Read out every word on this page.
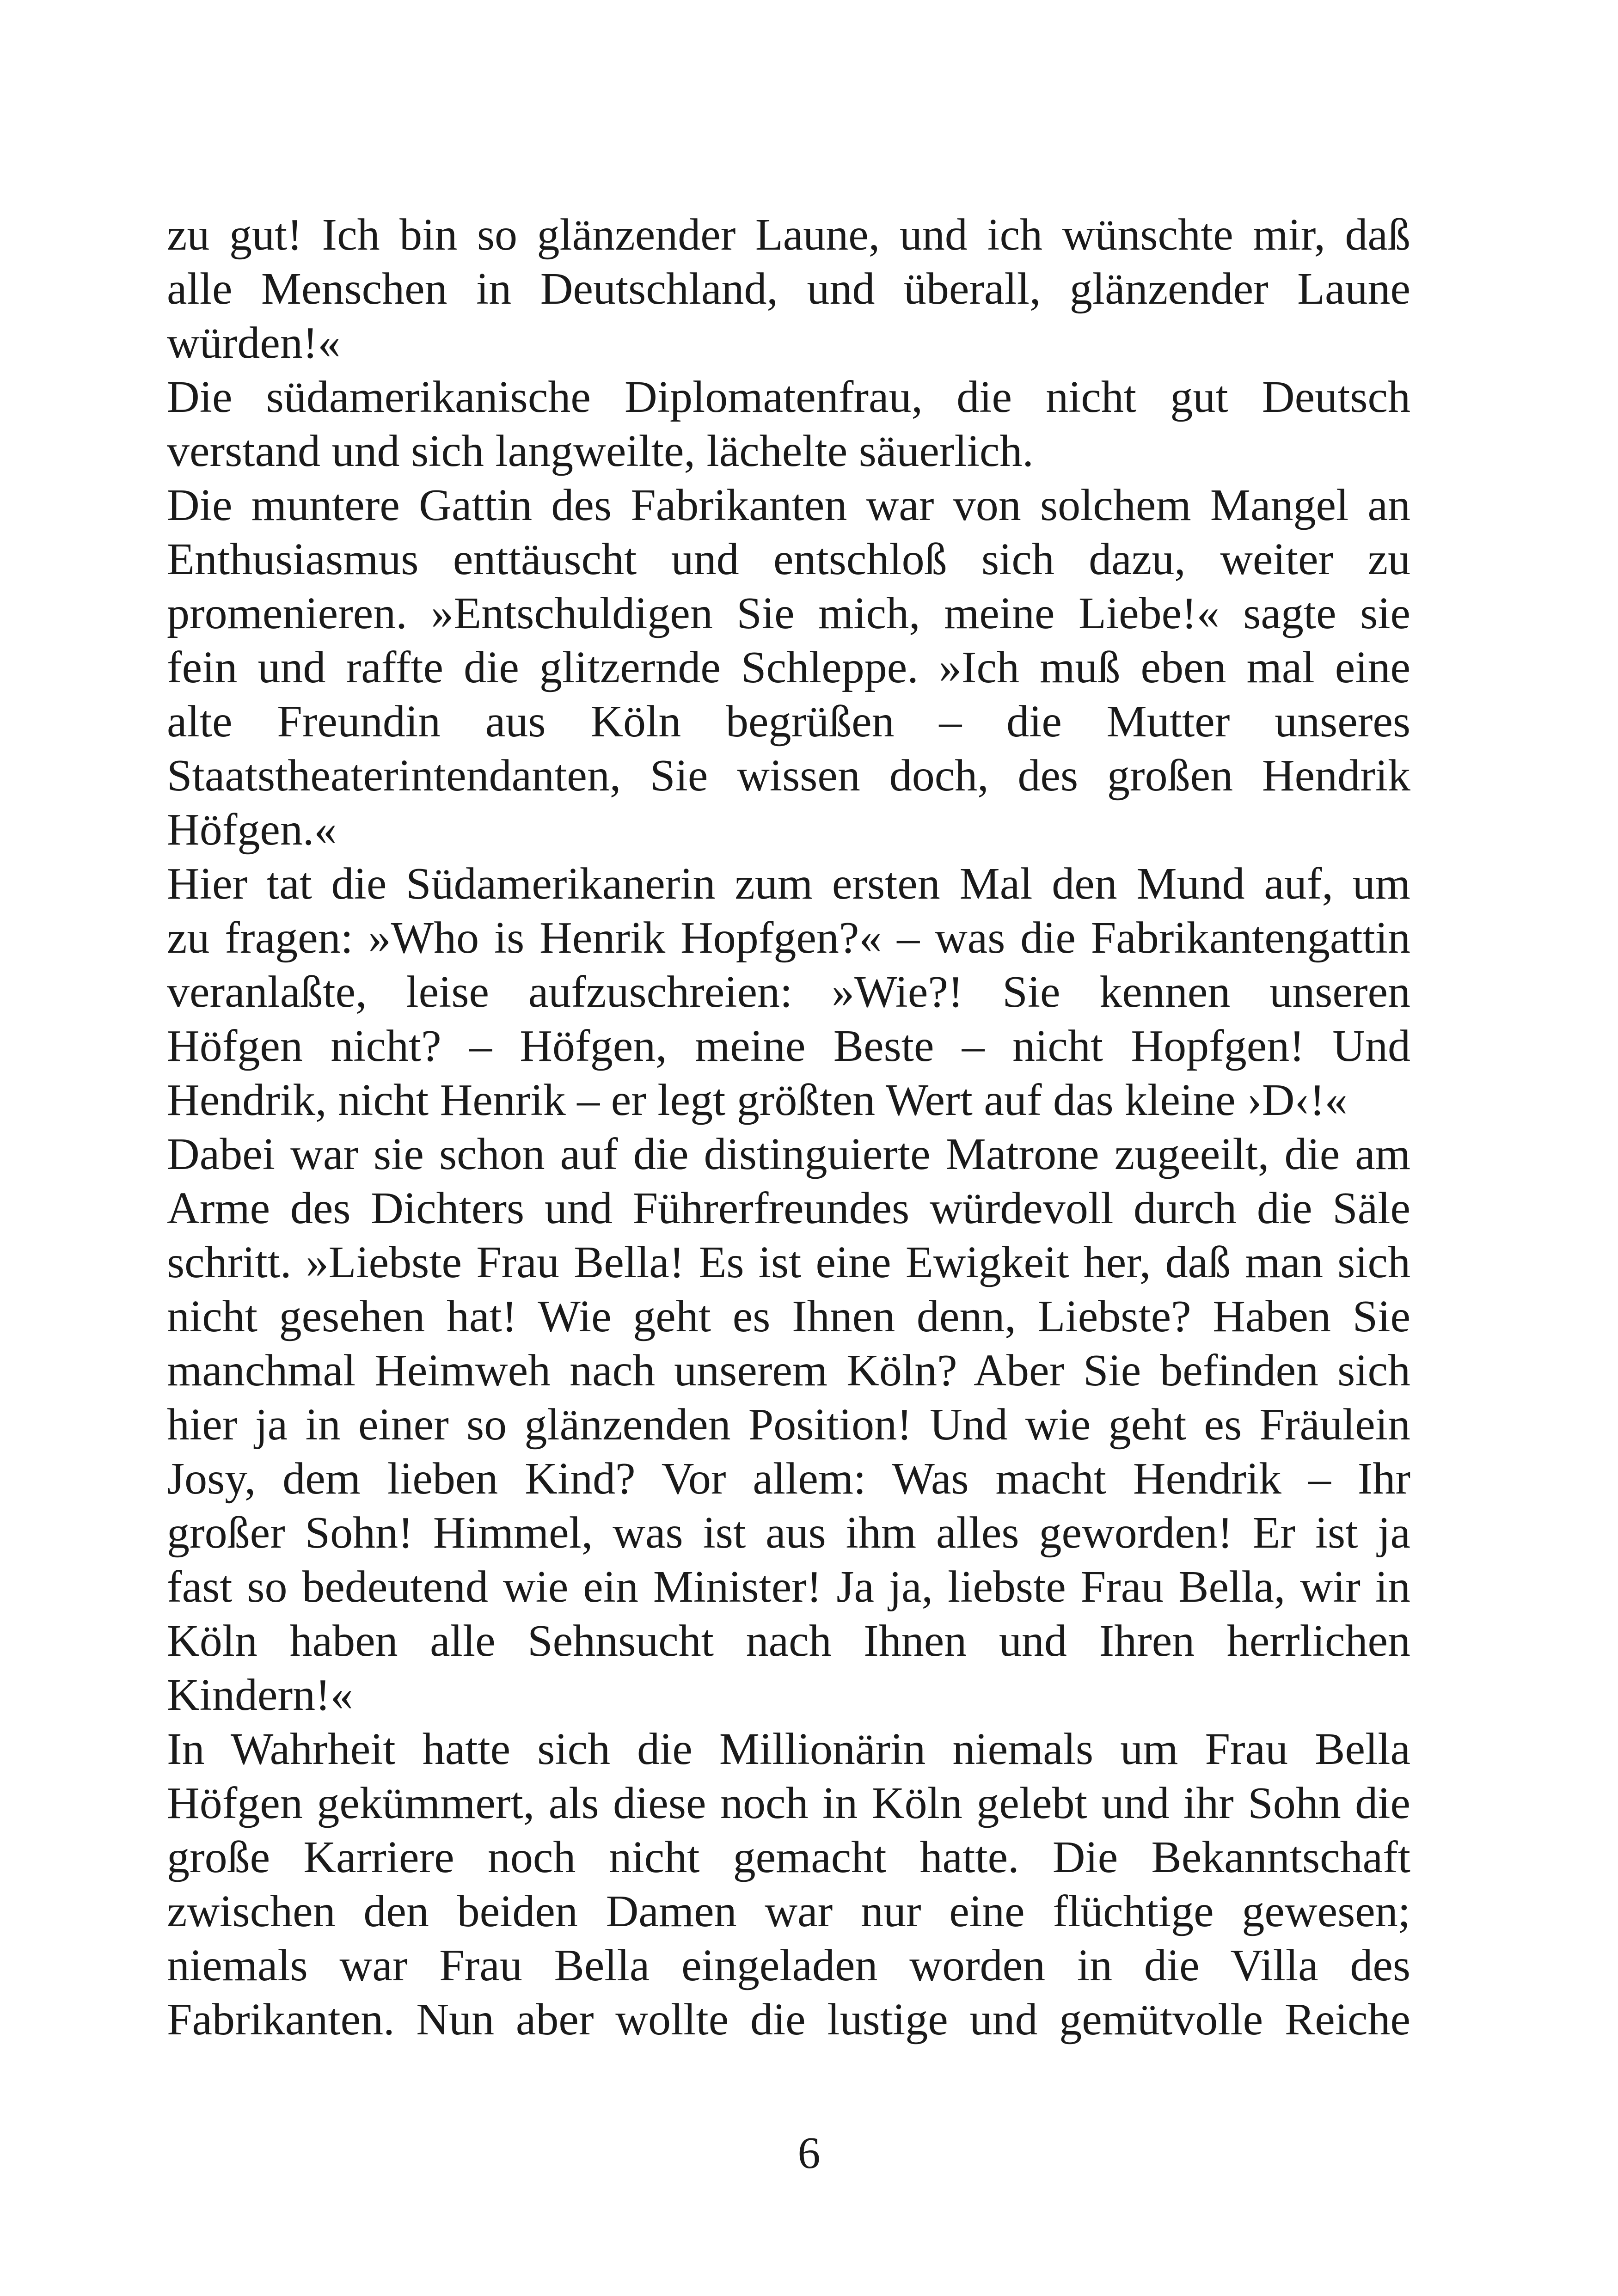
zu gut! Ich bin so glänzender Laune, und ich wünschte mir, daß
alle Menschen in Deutschland, und überall, glänzender Laune
würden!«
Die südamerikanische Diplomatenfrau, die nicht gut Deutsch
verstand und sich langweilte, lächelte säuerlich.
Die muntere Gattin des Fabrikanten war von solchem Mangel an
Enthusiasmus enttäuscht und entschloß sich dazu, weiter zu
promenieren. »Entschuldigen Sie mich, meine Liebe!« sagte sie
fein und raffte die glitzernde Schleppe. »Ich muß eben mal eine
alte Freundin aus Köln begrüßen – die Mutter unseres
Staatstheaterintendanten, Sie wissen doch, des großen Hendrik
Höfgen.«
Hier tat die Südamerikanerin zum ersten Mal den Mund auf, um
zu fragen: »Who is Henrik Hopfgen?« – was die Fabrikantengattin
veranlaßte, leise aufzuschreien: »Wie?! Sie kennen unseren
Höfgen nicht? – Höfgen, meine Beste – nicht Hopfgen! Und
Hendrik, nicht Henrik – er legt größten Wert auf das kleine ›D‹!«
Dabei war sie schon auf die distinguierte Matrone zugeeilt, die am
Arme des Dichters und Führerfreundes würdevoll durch die Säle
schritt. »Liebste Frau Bella! Es ist eine Ewigkeit her, daß man sich
nicht gesehen hat! Wie geht es Ihnen denn, Liebste? Haben Sie
manchmal Heimweh nach unserem Köln? Aber Sie befinden sich
hier ja in einer so glänzenden Position! Und wie geht es Fräulein
Josy, dem lieben Kind? Vor allem: Was macht Hendrik – Ihr
großer Sohn! Himmel, was ist aus ihm alles geworden! Er ist ja
fast so bedeutend wie ein Minister! Ja ja, liebste Frau Bella, wir in
Köln haben alle Sehnsucht nach Ihnen und Ihren herrlichen
Kindern!«
In Wahrheit hatte sich die Millionärin niemals um Frau Bella
Höfgen gekümmert, als diese noch in Köln gelebt und ihr Sohn die
große Karriere noch nicht gemacht hatte. Die Bekanntschaft
zwischen den beiden Damen war nur eine flüchtige gewesen;
niemals war Frau Bella eingeladen worden in die Villa des
Fabrikanten. Nun aber wollte die lustige und gemütvolle Reiche
6
